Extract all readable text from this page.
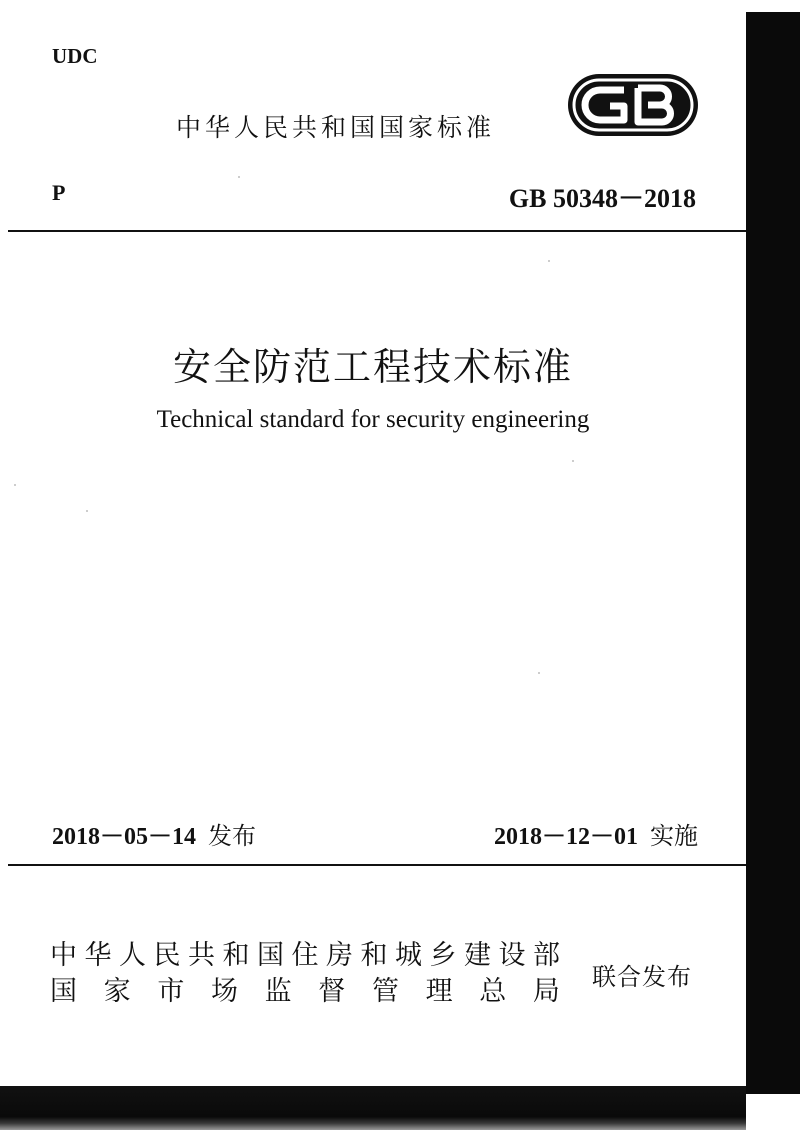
UDC
中华人民共和国国家标准
P	GB 50348－2018
安全防范工程技术标准
Technical standard for security engineering
2018－05－14 发布	2018－12－01 实施
中 华 人 民 共 和 国 住 房 和 城 乡 建 设 部
国 家 市 场 监 督 管 理 总 局 联合发布
